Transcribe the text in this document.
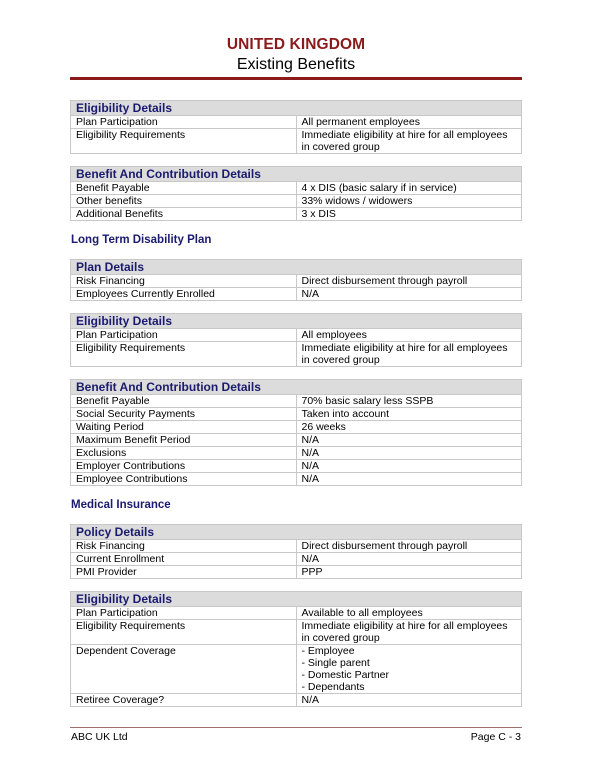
UNITED KINGDOM
Existing Benefits
Eligibility Details	
Plan Participation	All permanent employees
Eligibility Requirements	Immediate eligibility at hire for all employees in covered group
Benefit And Contribution Details	
Benefit Payable	4 x DIS (basic salary if in service)
Other benefits	33% widows / widowers
Additional Benefits	3 x DIS
Long Term Disability Plan
Plan Details	
Risk Financing	Direct disbursement through payroll
Employees Currently Enrolled	N/A
Eligibility Details	
Plan Participation	All employees
Eligibility Requirements	Immediate eligibility at hire for all employees in covered group
Benefit And Contribution Details	
Benefit Payable	70% basic salary less SSPB
Social Security Payments	Taken into account
Waiting Period	26 weeks
Maximum Benefit Period	N/A
Exclusions	N/A
Employer Contributions	N/A
Employee Contributions	N/A
Medical Insurance
Policy Details	
Risk Financing	Direct disbursement through payroll
Current Enrollment	N/A
PMI Provider	PPP
Eligibility Details	
Plan Participation	Available to all employees
Eligibility Requirements	Immediate eligibility at hire for all employees in covered group
Dependent Coverage	- Employee
- Single parent
- Domestic Partner
- Dependants

Retiree Coverage?	N/A
ABC UK Ltd	Page C - 3
